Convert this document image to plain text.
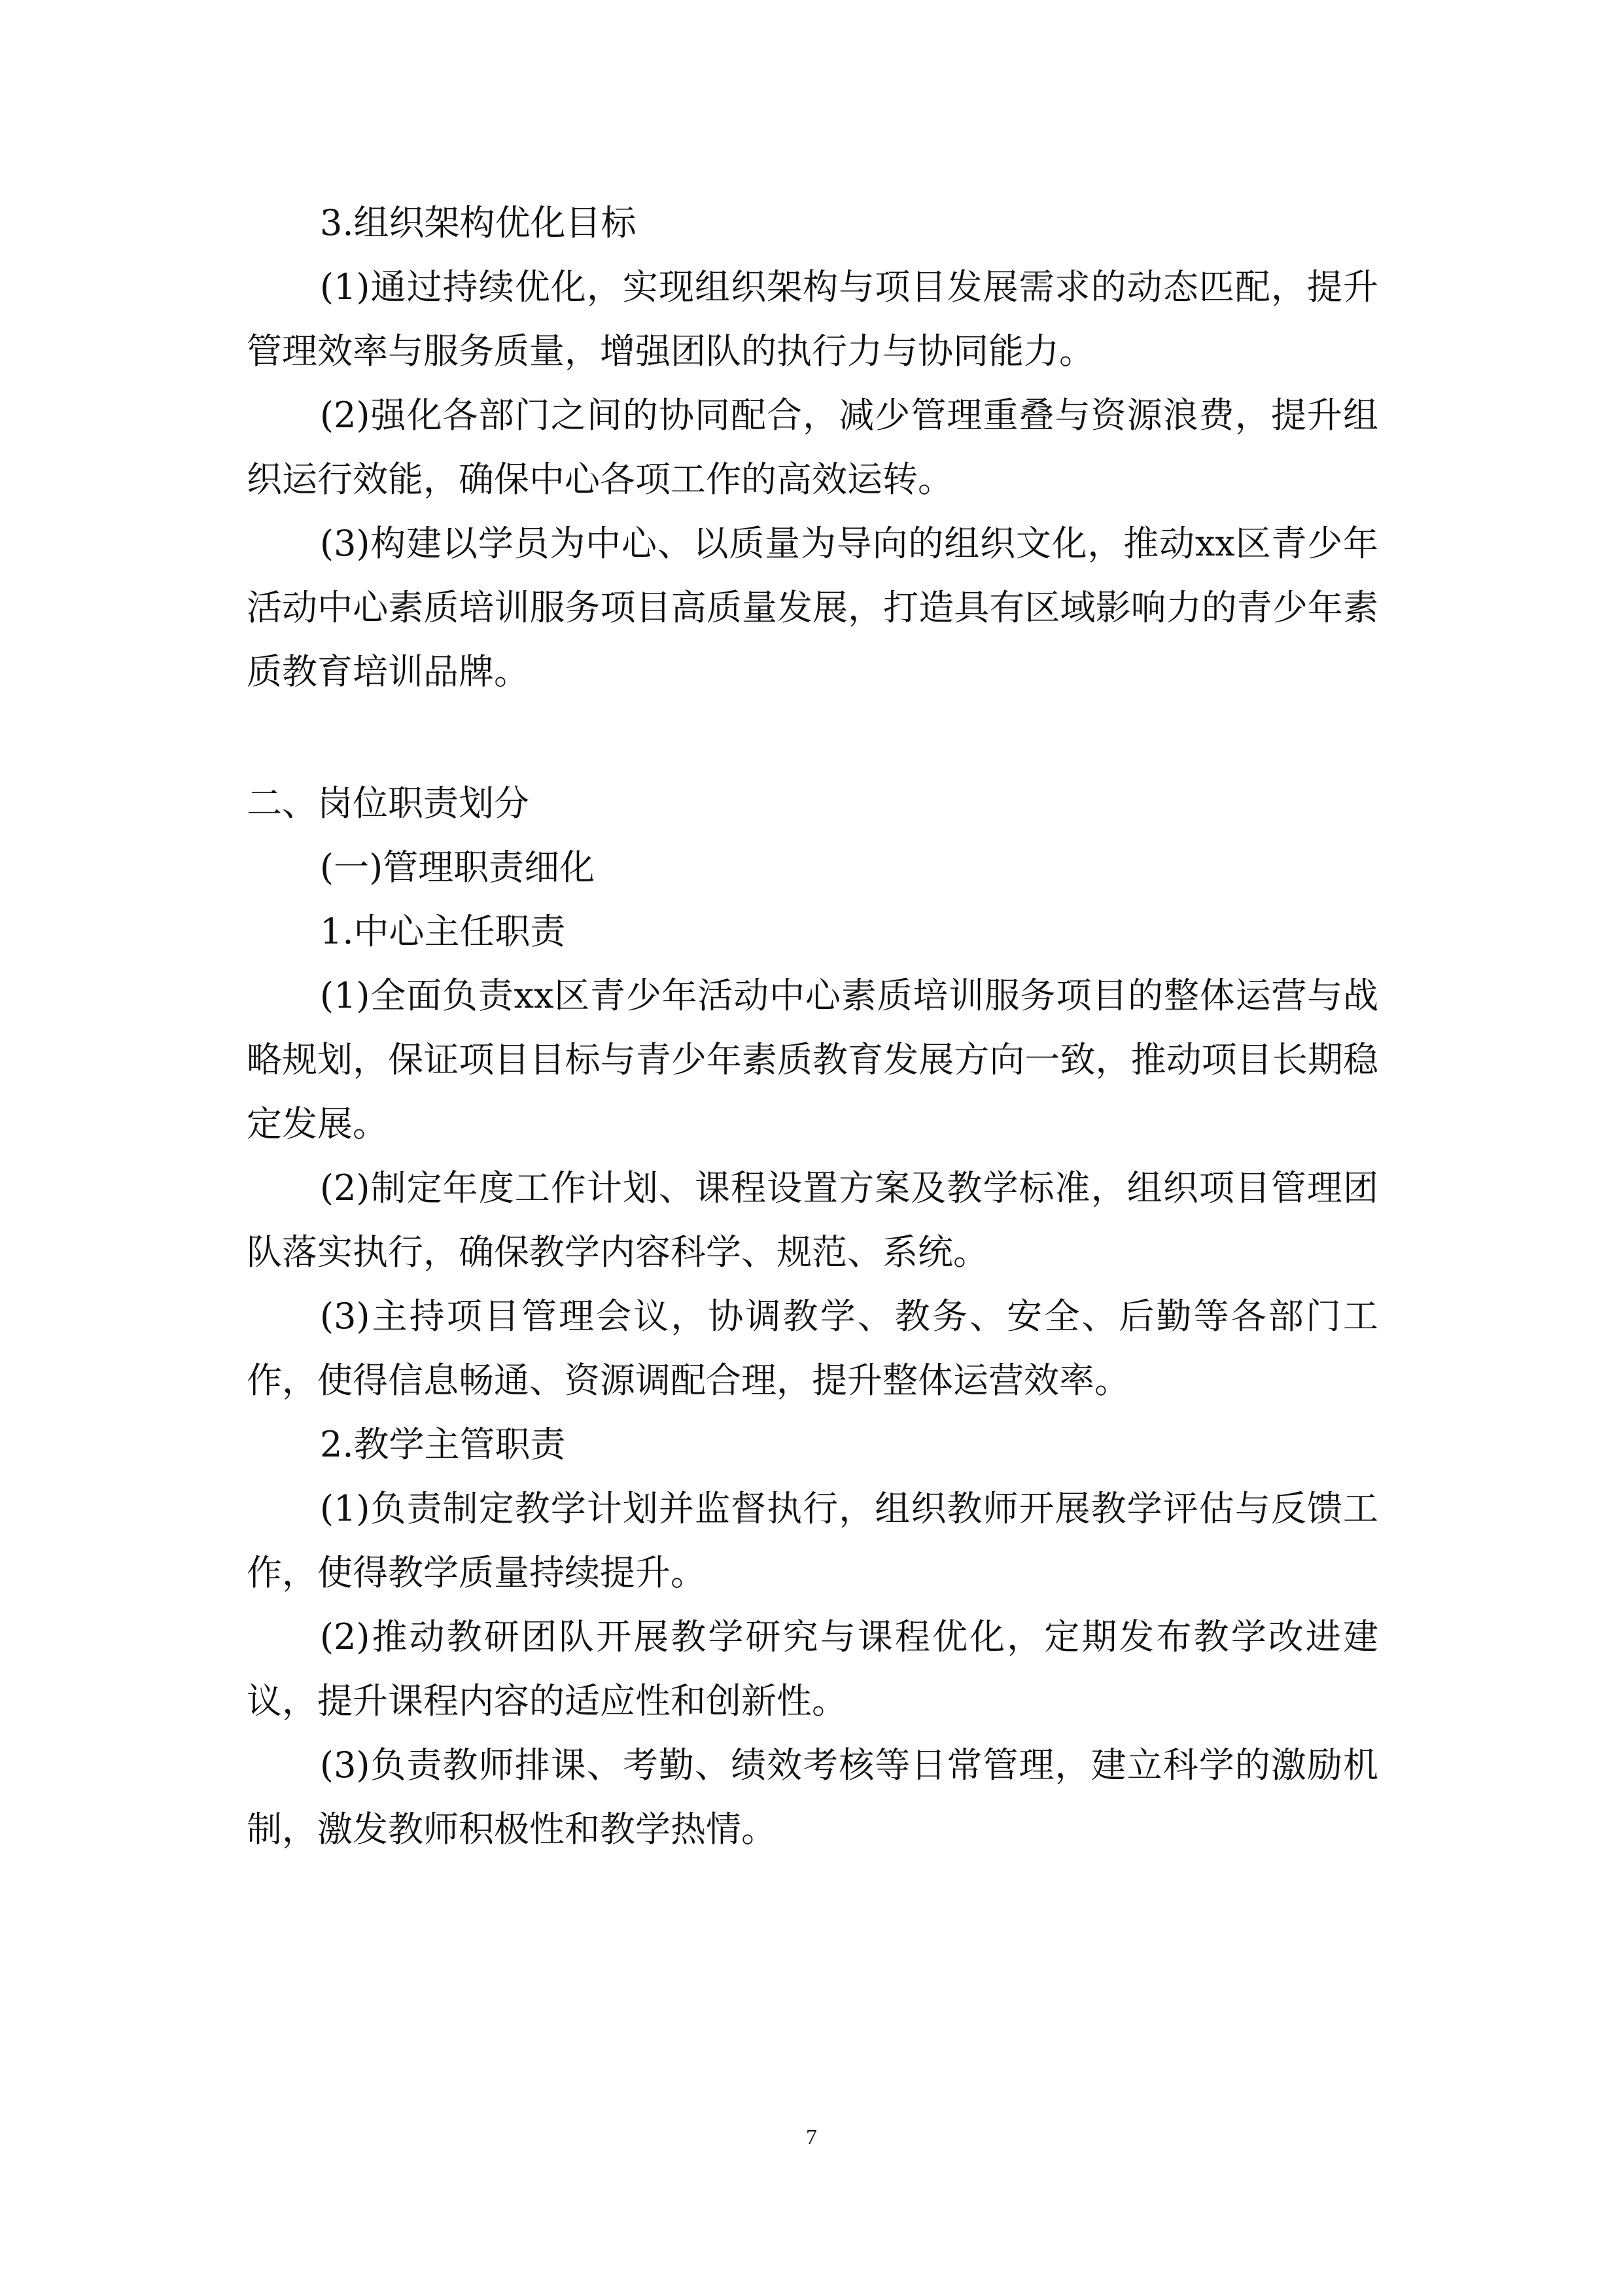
3.组织架构优化目标

(1)通过持续优化，实现组织架构与项目发展需求的动态匹配，提升管理效率与服务质量，增强团队的执行力与协同能力。

(2)强化各部门之间的协同配合，减少管理重叠与资源浪费，提升组织运行效能，确保中心各项工作的高效运转。

(3)构建以学员为中心、以质量为导向的组织文化，推动xx区青少年活动中心素质培训服务项目高质量发展，打造具有区域影响力的青少年素质教育培训品牌。

二、岗位职责划分

(一)管理职责细化

1.中心主任职责

(1)全面负责xx区青少年活动中心素质培训服务项目的整体运营与战略规划，保证项目目标与青少年素质教育发展方向一致，推动项目长期稳定发展。

(2)制定年度工作计划、课程设置方案及教学标准，组织项目管理团队落实执行，确保教学内容科学、规范、系统。

(3)主持项目管理会议，协调教学、教务、安全、后勤等各部门工作，使得信息畅通、资源调配合理，提升整体运营效率。

2.教学主管职责

(1)负责制定教学计划并监督执行，组织教师开展教学评估与反馈工作，使得教学质量持续提升。

(2)推动教研团队开展教学研究与课程优化，定期发布教学改进建议，提升课程内容的适应性和创新性。

(3)负责教师排课、考勤、绩效考核等日常管理，建立科学的激励机制，激发教师积极性和教学热情。

7
